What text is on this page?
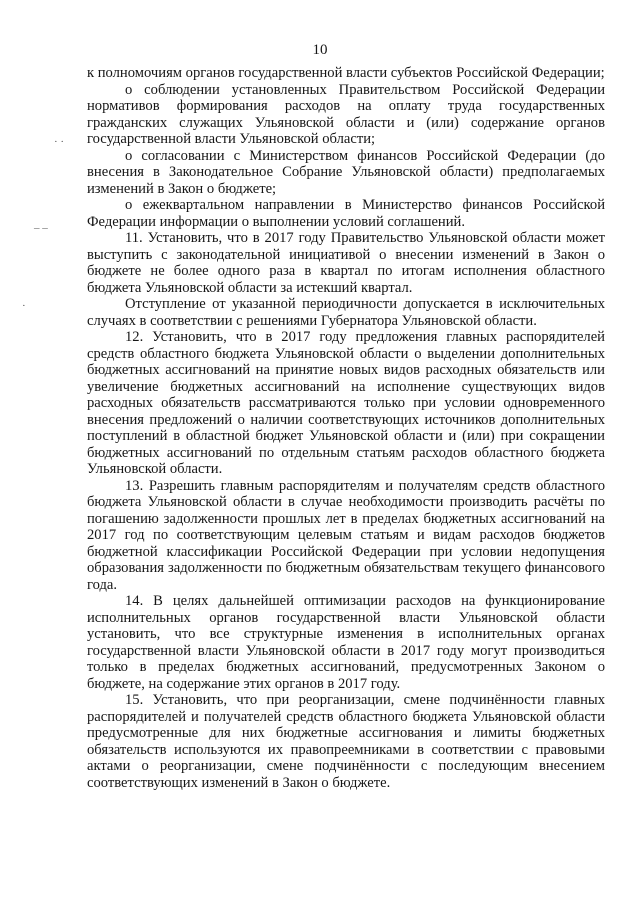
10
· ·
– –
·

к полномочиям органов государственной власти субъектов Российской Федерации;

о соблюдении установленных Правительством Российской Федерации нормативов формирования расходов на оплату труда государственных гражданских служащих Ульяновской области и (или) содержание органов государственной власти Ульяновской области;

о согласовании с Министерством финансов Российской Федерации (до внесения в Законодательное Собрание Ульяновской области) предполагаемых изменений в Закон о бюджете;

о ежеквартальном направлении в Министерство финансов Российской Федерации информации о выполнении условий соглашений.

11. Установить, что в 2017 году Правительство Ульяновской области может выступить с законодательной инициативой о внесении изменений в Закон о бюджете не более одного раза в квартал по итогам исполнения областного бюджета Ульяновской области за истекший квартал.

Отступление от указанной периодичности допускается в исключительных случаях в соответствии с решениями Губернатора Ульяновской области.

12. Установить, что в 2017 году предложения главных распорядителей средств областного бюджета Ульяновской области о выделении дополнительных бюджетных ассигнований на принятие новых видов расходных обязательств или увеличение бюджетных ассигнований на исполнение существующих видов расходных обязательств рассматриваются только при условии одновременного внесения предложений о наличии соответствующих источников дополнительных поступлений в областной бюджет Ульяновской области и (или) при сокращении бюджетных ассигнований по отдельным статьям расходов областного бюджета Ульяновской области.

13. Разрешить главным распорядителям и получателям средств областного бюджета Ульяновской области в случае необходимости производить расчёты по погашению задолженности прошлых лет в пределах бюджетных ассигнований на 2017 год по соответствующим целевым статьям и видам расходов бюджетов бюджетной классификации Российской Федерации при условии недопущения образования задолженности по бюджетным обязательствам текущего финансового года.

14. В целях дальнейшей оптимизации расходов на функционирование исполнительных органов государственной власти Ульяновской области установить, что все структурные изменения в исполнительных органах государственной власти Ульяновской области в 2017 году могут производиться только в пределах бюджетных ассигнований, предусмотренных Законом о бюджете, на содержание этих органов в 2017 году.

15. Установить, что при реорганизации, смене подчинённости главных распорядителей и получателей средств областного бюджета Ульяновской области предусмотренные для них бюджетные ассигнования и лимиты бюджетных обязательств используются их правопреемниками в соответствии с правовыми актами о реорганизации, смене подчинённости с последующим внесением соответствующих изменений в Закон о бюджете.
